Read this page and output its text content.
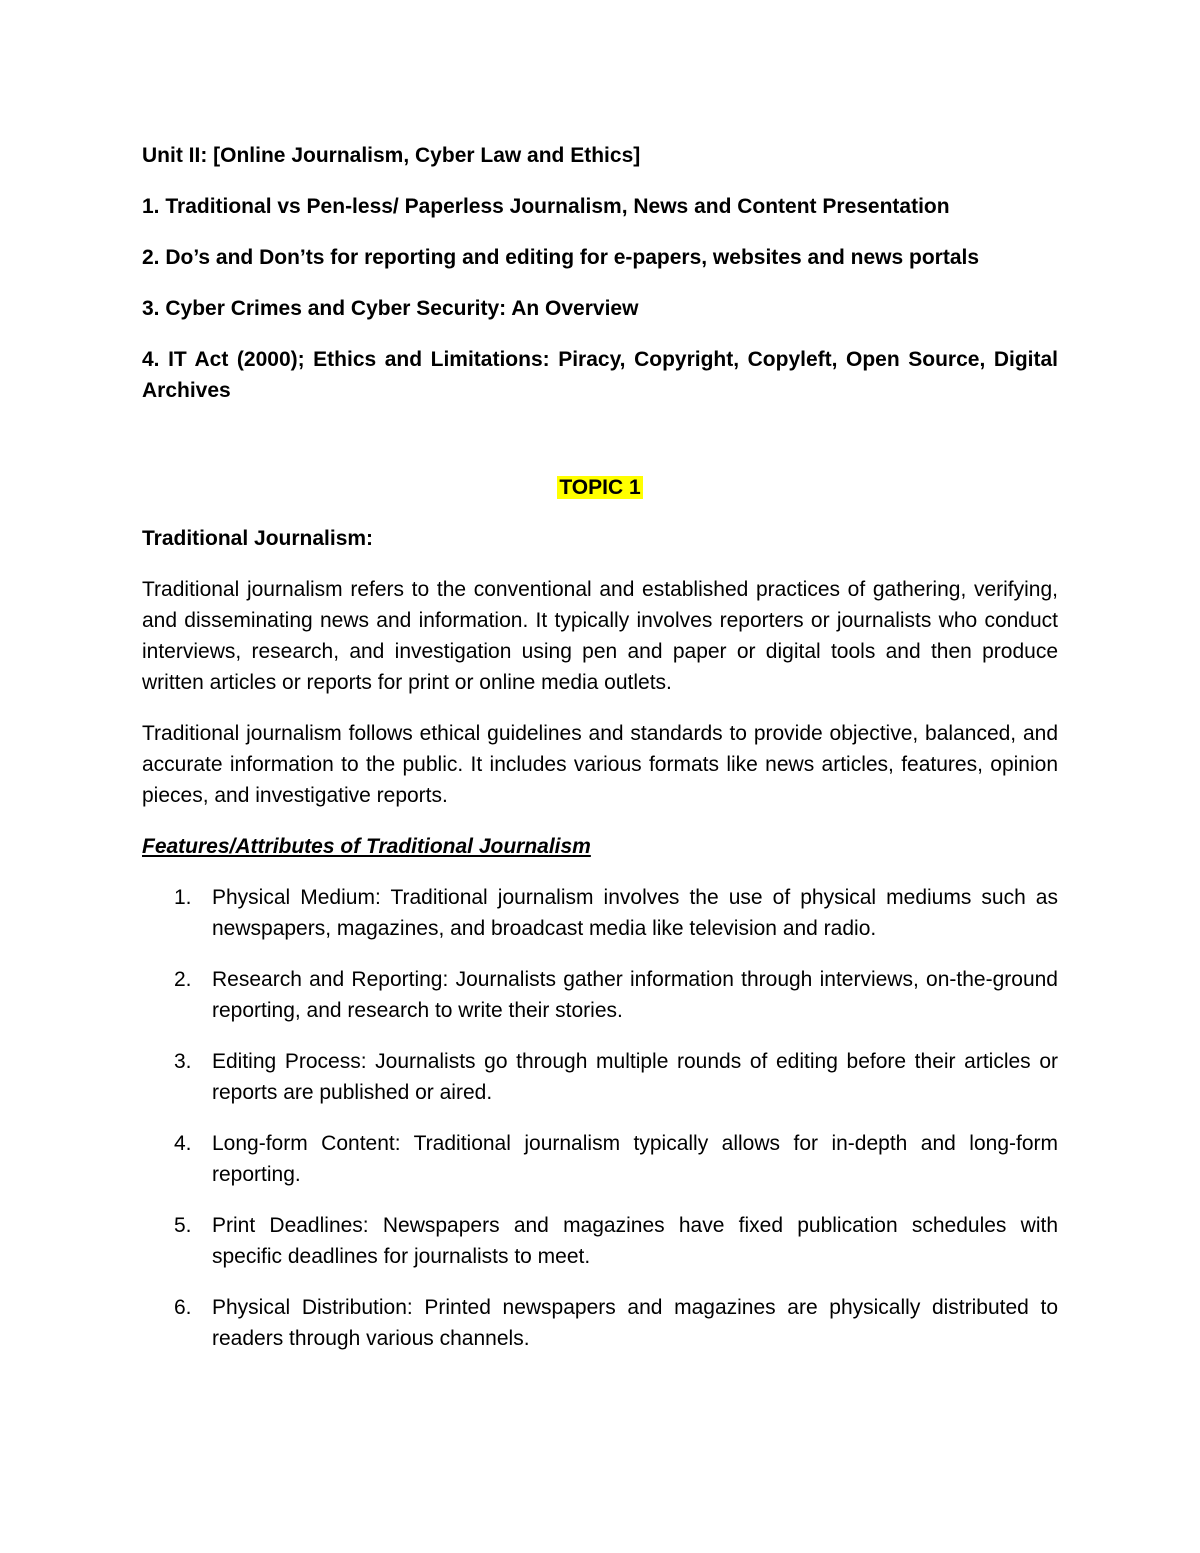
Unit II: [Online Journalism, Cyber Law and Ethics]
1. Traditional vs Pen-less/ Paperless Journalism, News and Content Presentation
2. Do’s and Don’ts for reporting and editing for e-papers, websites and news portals
3. Cyber Crimes and Cyber Security: An Overview
4. IT Act (2000); Ethics and Limitations: Piracy, Copyright, Copyleft, Open Source, Digital Archives
TOPIC 1
Traditional Journalism:

Traditional journalism refers to the conventional and established practices of gathering, verifying, and disseminating news and information. It typically involves reporters or journalists who conduct interviews, research, and investigation using pen and paper or digital tools and then produce written articles or reports for print or online media outlets.

Traditional journalism follows ethical guidelines and standards to provide objective, balanced, and accurate information to the public. It includes various formats like news articles, features, opinion pieces, and investigative reports.

Features/Attributes of Traditional Journalism
1. Physical Medium: Traditional journalism involves the use of physical mediums such as newspapers, magazines, and broadcast media like television and radio.
2. Research and Reporting: Journalists gather information through interviews, on-the-ground reporting, and research to write their stories.
3. Editing Process: Journalists go through multiple rounds of editing before their articles or reports are published or aired.
4. Long-form Content: Traditional journalism typically allows for in-depth and long-form reporting.
5. Print Deadlines: Newspapers and magazines have fixed publication schedules with specific deadlines for journalists to meet.
6. Physical Distribution: Printed newspapers and magazines are physically distributed to readers through various channels.
